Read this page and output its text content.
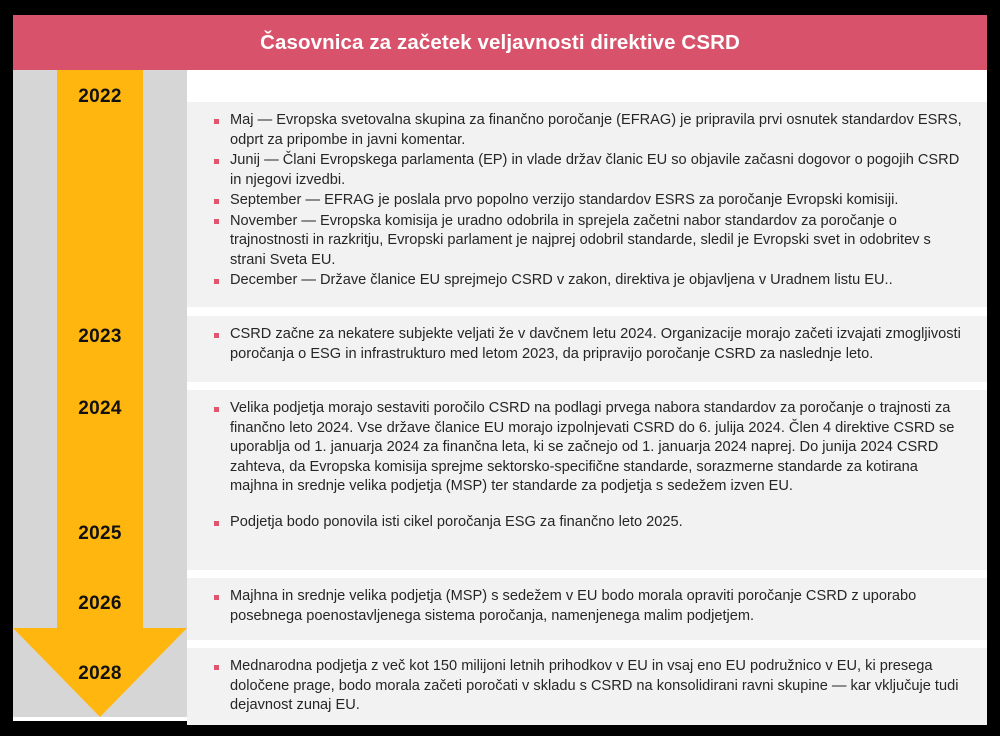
Časovnica za začetek veljavnosti direktive CSRD
2022
2023
2024
2025
2026
2028
Maj — Evropska svetovalna skupina za finančno poročanje (EFRAG) je pripravila prvi osnutek standardov ESRS, odprt za pripombe in javni komentar.
Junij — Člani Evropskega parlamenta (EP) in vlade držav članic EU so objavile začasni dogovor o pogojih CSRD in njegovi izvedbi.
September — EFRAG je poslala prvo popolno verzijo standardov ESRS za poročanje Evropski komisiji.
November — Evropska komisija je uradno odobrila in sprejela začetni nabor standardov za poročanje o trajnostnosti in razkritju, Evropski parlament je najprej odobril standarde, sledil je Evropski svet in odobritev s strani Sveta EU.
December — Države članice EU sprejmejo CSRD v zakon, direktiva je objavljena v Uradnem listu EU..
CSRD začne za nekatere subjekte veljati že v davčnem letu 2024. Organizacije morajo začeti izvajati zmogljivosti poročanja o ESG in infrastrukturo med letom 2023, da pripravijo poročanje CSRD za naslednje leto.
Velika podjetja morajo sestaviti poročilo CSRD na podlagi prvega nabora standardov za poročanje o trajnosti za finančno leto 2024. Vse države članice EU morajo izpolnjevati CSRD do 6. julija 2024. Člen 4 direktive CSRD se uporablja od 1. januarja 2024 za finančna leta, ki se začnejo od 1. januarja 2024 naprej. Do junija 2024 CSRD zahteva, da Evropska komisija sprejme sektorsko-specifične standarde, sorazmerne standarde za kotirana majhna in srednje velika podjetja (MSP) ter standarde za podjetja s sedežem izven EU.
Podjetja bodo ponovila isti cikel poročanja ESG za finančno leto 2025.
Majhna in srednje velika podjetja (MSP) s sedežem v EU bodo morala opraviti poročanje CSRD z uporabo posebnega poenostavljenega sistema poročanja, namenjenega malim podjetjem.
Mednarodna podjetja z več kot 150 milijoni letnih prihodkov v EU in vsaj eno EU podružnico v EU, ki presega določene prage, bodo morala začeti poročati v skladu s CSRD na konsolidirani ravni skupine — kar vključuje tudi dejavnost zunaj EU.
